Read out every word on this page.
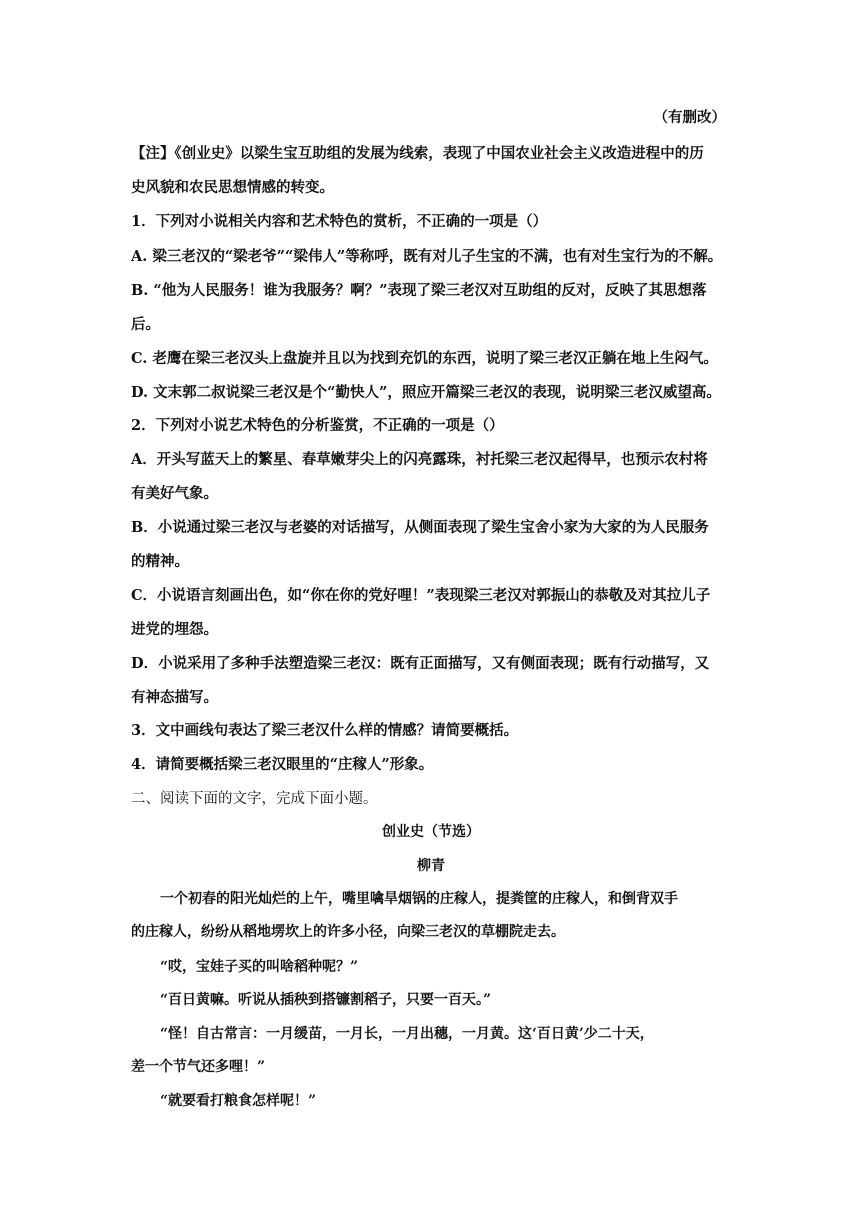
（有删改）
【注】《创业史》以梁生宝互助组的发展为线索，表现了中国农业社会主义改造进程中的历
史风貌和农民思想情感的转变。
1．下列对小说相关内容和艺术特色的赏析，不正确的一项是（）
A. 梁三老汉的“梁老爷”“梁伟人”等称呼，既有对儿子生宝的不满，也有对生宝行为的不解。
B. “他为人民服务！谁为我服务？啊？”表现了梁三老汉对互助组的反对，反映了其思想落
后。
C. 老鹰在梁三老汉头上盘旋并且以为找到充饥的东西，说明了梁三老汉正躺在地上生闷气。
D. 文末郭二叔说梁三老汉是个“勤快人”，照应开篇梁三老汉的表现，说明梁三老汉威望高。
2．下列对小说艺术特色的分析鉴赏，不正确的一项是（）
A．开头写蓝天上的繁星、春草嫩芽尖上的闪亮露珠，衬托梁三老汉起得早，也预示农村将
有美好气象。
B．小说通过梁三老汉与老婆的对话描写，从侧面表现了梁生宝舍小家为大家的为人民服务
的精神。
C．小说语言刻画出色，如“你在你的党好哩！”表现梁三老汉对郭振山的恭敬及对其拉儿子
进党的埋怨。
D．小说采用了多种手法塑造梁三老汉：既有正面描写，又有侧面表现；既有行动描写，又
有神态描写。
3．文中画线句表达了梁三老汉什么样的情感？请简要概括。
4．请简要概括梁三老汉眼里的“庄稼人”形象。
二、阅读下面的文字，完成下面小题。
创业史（节选）
柳青
一个初春的阳光灿烂的上午，嘴里噙旱烟锅的庄稼人，提粪筐的庄稼人，和倒背双手
的庄稼人，纷纷从稻地塄坎上的许多小径，向梁三老汉的草棚院走去。
“哎，宝娃子买的叫啥稻种呢？”
“百日黄嘛。听说从插秧到搭镰割稻子，只要一百天。”
“怪！自古常言：一月缓苗，一月长，一月出穗，一月黄。这‘百日黄’少二十天，
差一个节气还多哩！”
“就要看打粮食怎样呢！”
